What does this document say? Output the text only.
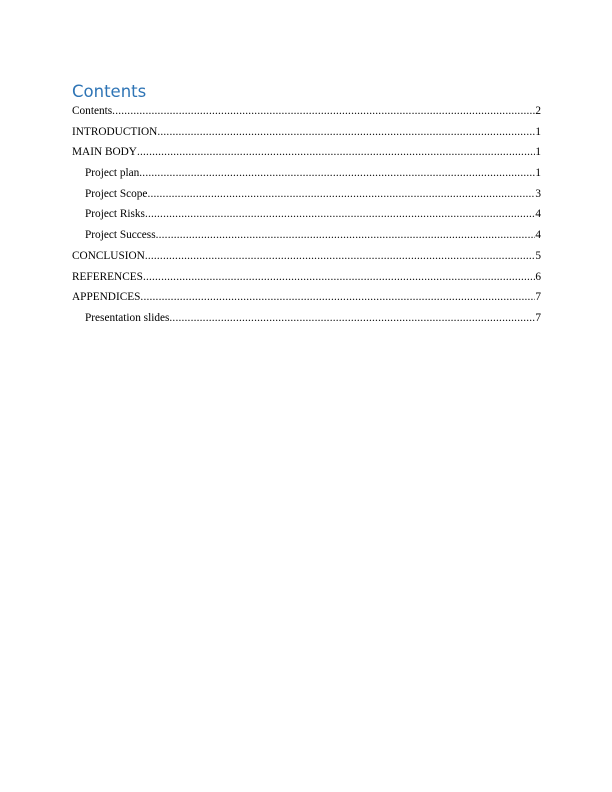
Contents
Contents .....	2
INTRODUCTION .....	1
MAIN BODY .....	1
Project plan .....	1
Project Scope .....	3
Project Risks .....	4
Project Success .....	4
CONCLUSION .....	5
REFERENCES .....	6
APPENDICES .....	7
Presentation slides .....	7
